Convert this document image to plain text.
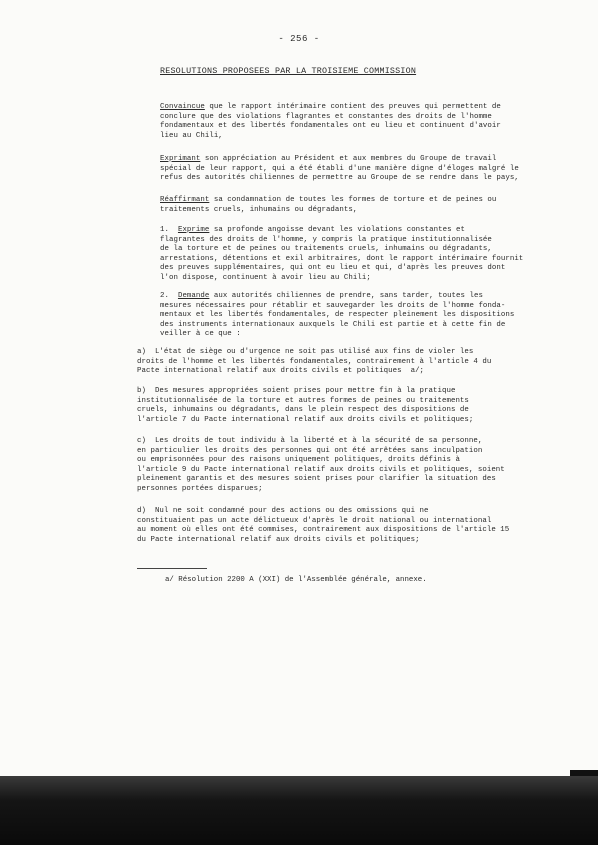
- 256 -
RESOLUTIONS PROPOSEES PAR LA TROISIEME COMMISSION
Convaincue que le rapport intérimaire contient des preuves qui permettent de
conclure que des violations flagrantes et constantes des droits de l'homme
fondamentaux et des libertés fondamentales ont eu lieu et continuent d'avoir
lieu au Chili,
Exprimant son appréciation au Président et aux membres du Groupe de travail
spécial de leur rapport, qui a été établi d'une manière digne d'éloges malgré le
refus des autorités chiliennes de permettre au Groupe de se rendre dans le pays,
Réaffirmant sa condamnation de toutes les formes de torture et de peines ou
traitements cruels, inhumains ou dégradants,
1.  Exprime sa profonde angoisse devant les violations constantes et
flagrantes des droits de l'homme, y compris la pratique institutionnalisée
de la torture et de peines ou traitements cruels, inhumains ou dégradants,
arrestations, détentions et exil arbitraires, dont le rapport intérimaire fournit
des preuves supplémentaires, qui ont eu lieu et qui, d'après les preuves dont
l'on dispose, continuent à avoir lieu au Chili;
2.  Demande aux autorités chiliennes de prendre, sans tarder, toutes les
mesures nécessaires pour rétablir et sauvegarder les droits de l'homme fonda-
mentaux et les libertés fondamentales, de respecter pleinement les dispositions
des instruments internationaux auxquels le Chili est partie et à cette fin de
veiller à ce que :
a)  L'état de siège ou d'urgence ne soit pas utilisé aux fins de violer les
droits de l'homme et les libertés fondamentales, contrairement à l'article 4 du
Pacte international relatif aux droits civils et politiques  a/;
b)  Des mesures appropriées soient prises pour mettre fin à la pratique
institutionnalisée de la torture et autres formes de peines ou traitements
cruels, inhumains ou dégradants, dans le plein respect des dispositions de
l'article 7 du Pacte international relatif aux droits civils et politiques;
c)  Les droits de tout individu à la liberté et à la sécurité de sa personne,
en particulier les droits des personnes qui ont été arrêtées sans inculpation
ou emprisonnées pour des raisons uniquement politiques, droits définis à
l'article 9 du Pacte international relatif aux droits civils et politiques, soient
pleinement garantis et des mesures soient prises pour clarifier la situation des
personnes portées disparues;
d)  Nul ne soit condamné pour des actions ou des omissions qui ne
constituaient pas un acte délictueux d'après le droit national ou international
au moment où elles ont été commises, contrairement aux dispositions de l'article 15
du Pacte international relatif aux droits civils et politiques;
a/ Résolution 2200 A (XXI) de l'Assemblée générale, annexe.
